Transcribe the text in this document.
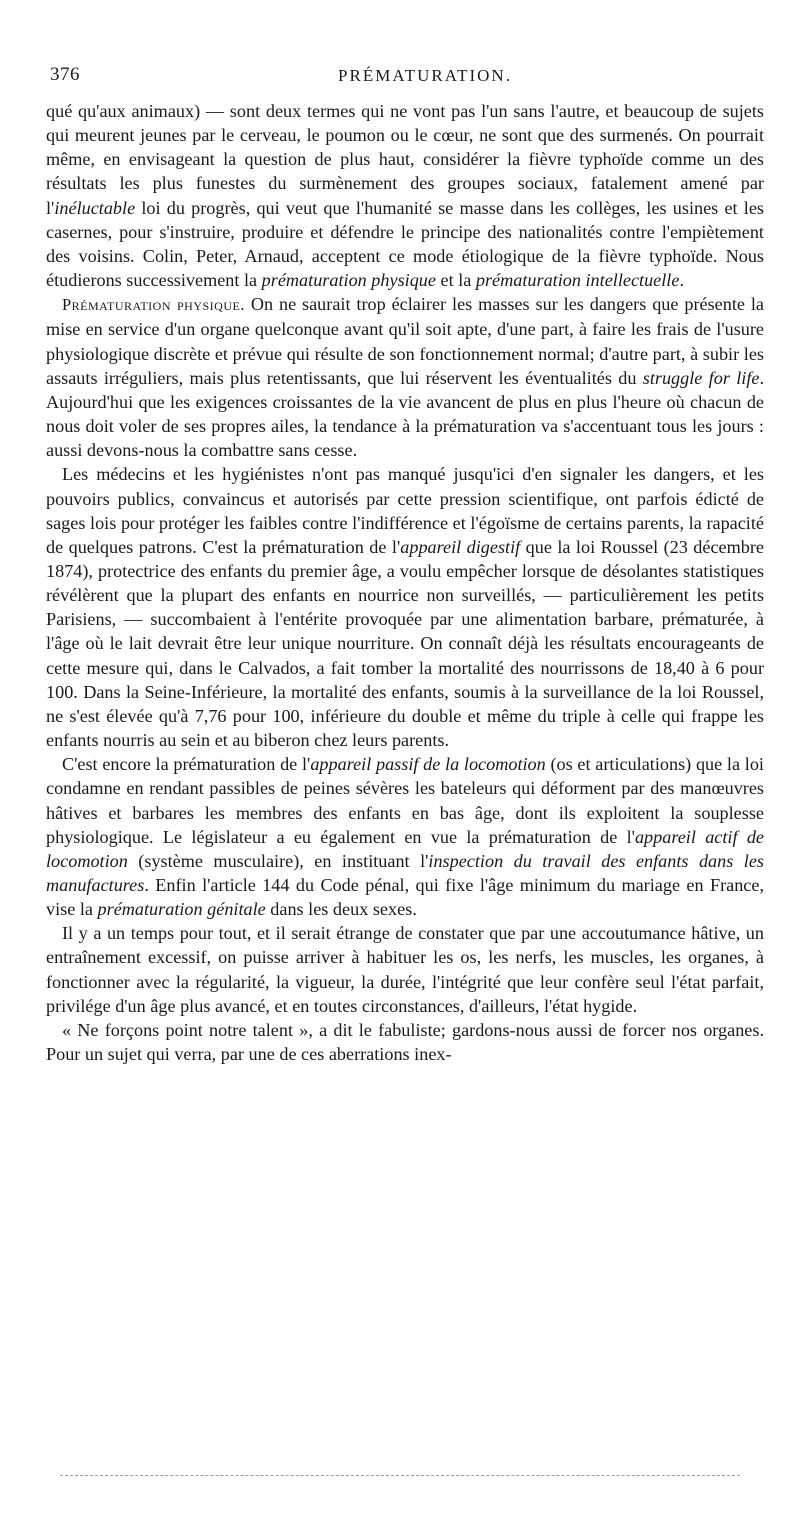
376	PRÉMATURATION.

qué qu'aux animaux) — sont deux termes qui ne vont pas l'un sans l'autre, et beaucoup de sujets qui meurent jeunes par le cerveau, le poumon ou le cœur, ne sont que des surmenés. On pourrait même, en envisageant la question de plus haut, considérer la fièvre typhoïde comme un des résultats les plus funestes du surmènement des groupes sociaux, fatalement amené par l'inéluctable loi du progrès, qui veut que l'humanité se masse dans les collèges, les usines et les casernes, pour s'instruire, produire et défendre le principe des nationalités contre l'empiètement des voisins. Colin, Peter, Arnaud, acceptent ce mode étiologique de la fièvre typhoïde. Nous étudierons successivement la prématuration physique et la prématuration intellectuelle.

Prématuration physique. On ne saurait trop éclairer les masses sur les dangers que présente la mise en service d'un organe quelconque avant qu'il soit apte, d'une part, à faire les frais de l'usure physiologique discrète et prévue qui résulte de son fonctionnement normal; d'autre part, à subir les assauts irréguliers, mais plus retentissants, que lui réservent les éventualités du struggle for life. Aujourd'hui que les exigences croissantes de la vie avancent de plus en plus l'heure où chacun de nous doit voler de ses propres ailes, la tendance à la prématuration va s'accentuant tous les jours : aussi devons-nous la combattre sans cesse.

Les médecins et les hygiénistes n'ont pas manqué jusqu'ici d'en signaler les dangers, et les pouvoirs publics, convaincus et autorisés par cette pression scientifique, ont parfois édicté de sages lois pour protéger les faibles contre l'indifférence et l'égoïsme de certains parents, la rapacité de quelques patrons. C'est la prématuration de l'appareil digestif que la loi Roussel (23 décembre 1874), protectrice des enfants du premier âge, a voulu empêcher lorsque de désolantes statistiques révélèrent que la plupart des enfants en nourrice non surveillés, — particulièrement les petits Parisiens, — succombaient à l'entérite provoquée par une alimentation barbare, prématurée, à l'âge où le lait devrait être leur unique nourriture. On connaît déjà les résultats encourageants de cette mesure qui, dans le Calvados, a fait tomber la mortalité des nourrissons de 18,40 à 6 pour 100. Dans la Seine-Inférieure, la mortalité des enfants, soumis à la surveillance de la loi Roussel, ne s'est élevée qu'à 7,76 pour 100, inférieure du double et même du triple à celle qui frappe les enfants nourris au sein et au biberon chez leurs parents.

C'est encore la prématuration de l'appareil passif de la locomotion (os et articulations) que la loi condamne en rendant passibles de peines sévères les bateleurs qui déforment par des manœuvres hâtives et barbares les membres des enfants en bas âge, dont ils exploitent la souplesse physiologique. Le législateur a eu également en vue la prématuration de l'appareil actif de locomotion (système musculaire), en instituant l'inspection du travail des enfants dans les manufactures. Enfin l'article 144 du Code pénal, qui fixe l'âge minimum du mariage en France, vise la prématuration génitale dans les deux sexes.

Il y a un temps pour tout, et il serait étrange de constater que par une accoutumance hâtive, un entraînement excessif, on puisse arriver à habituer les os, les nerfs, les muscles, les organes, à fonctionner avec la régularité, la vigueur, la durée, l'intégrité que leur confère seul l'état parfait, privilége d'un âge plus avancé, et en toutes circonstances, d'ailleurs, l'état hygide.

« Ne forçons point notre talent », a dit le fabuliste; gardons-nous aussi de forcer nos organes. Pour un sujet qui verra, par une de ces aberrations inex-
